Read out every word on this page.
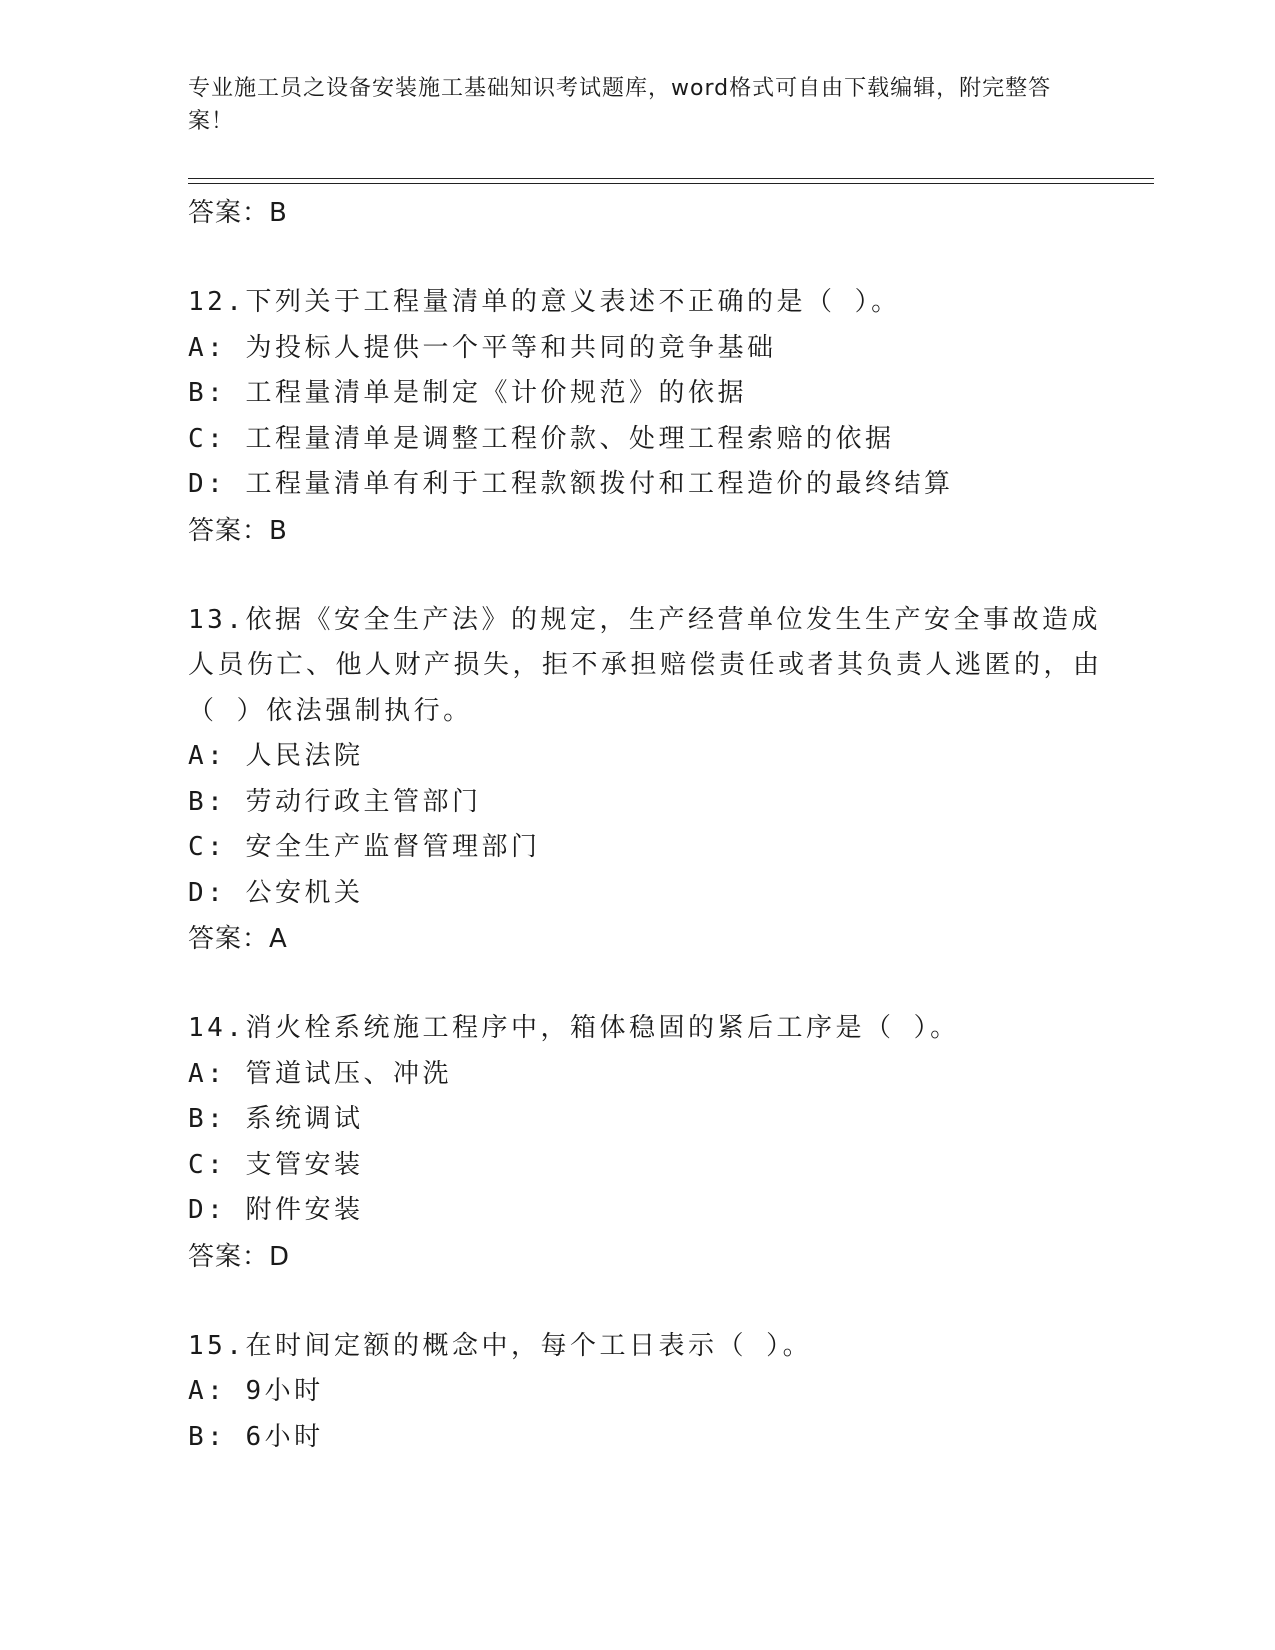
专业施工员之设备安装施工基础知识考试题库，word格式可自由下载编辑，附完整答案！
答案：B
12.下列关于工程量清单的意义表述不正确的是（ ）。
A: 为投标人提供一个平等和共同的竞争基础
B: 工程量清单是制定《计价规范》的依据
C: 工程量清单是调整工程价款、处理工程索赔的依据
D: 工程量清单有利于工程款额拨付和工程造价的最终结算
答案：B
13.依据《安全生产法》的规定，生产经营单位发生生产安全事故造成人员伤亡、他人财产损失，拒不承担赔偿责任或者其负责人逃匿的，由（ ）依法强制执行。
A: 人民法院
B: 劳动行政主管部门
C: 安全生产监督管理部门
D: 公安机关
答案：A
14.消火栓系统施工程序中，箱体稳固的紧后工序是（ ）。
A: 管道试压、冲洗
B: 系统调试
C: 支管安装
D: 附件安装
答案：D
15.在时间定额的概念中，每个工日表示（ ）。
A: 9小时
B: 6小时
